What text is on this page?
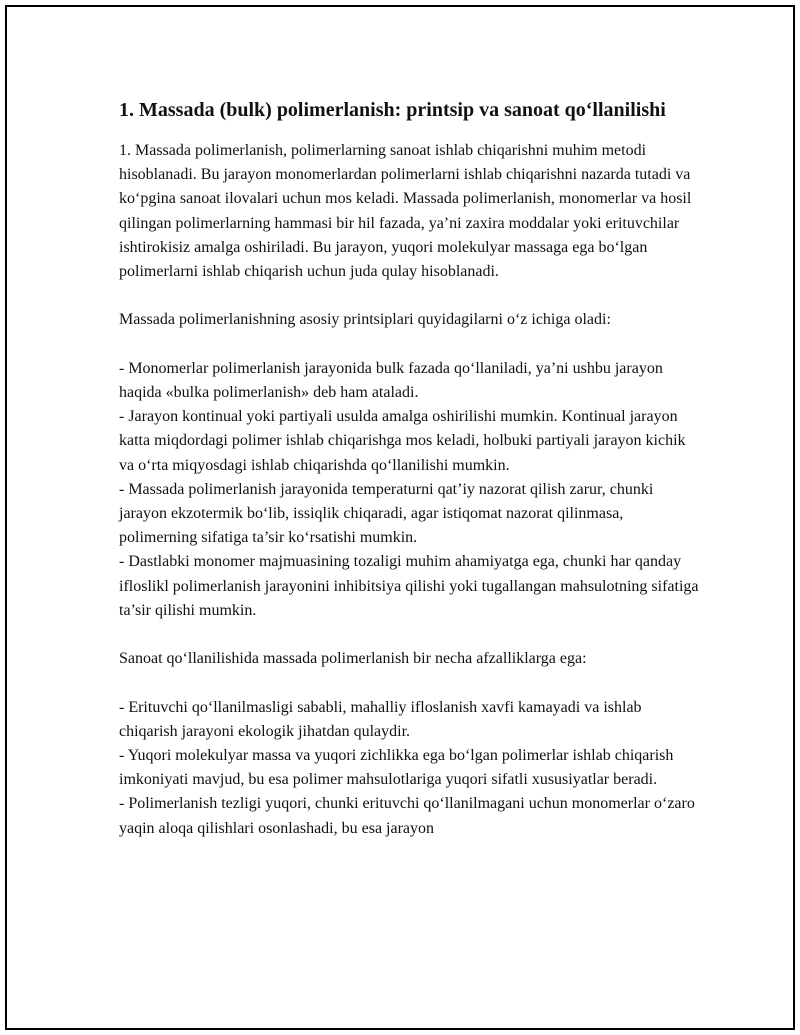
1. Massada (bulk) polimerlanish: printsip va sanoat qo‘llanilishi

1. Massada polimerlanish, polimerlarning sanoat ishlab chiqarishni muhim metodi hisoblanadi. Bu jarayon monomerlardan polimerlarni ishlab chiqarishni nazarda tutadi va ko‘pgina sanoat ilovalari uchun mos keladi. Massada polimerlanish, monomerlar va hosil qilingan polimerlarning hammasi bir hil fazada, ya’ni zaxira moddalar yoki erituvchilar ishtirokisiz amalga oshiriladi. Bu jarayon, yuqori molekulyar massaga ega bo‘lgan polimerlarni ishlab chiqarish uchun juda qulay hisoblanadi.

Massada polimerlanishning asosiy printsiplari quyidagilarni o‘z ichiga oladi:

- Monomerlar polimerlanish jarayonida bulk fazada qo‘llaniladi, ya’ni ushbu jarayon haqida «bulka polimerlanish» deb ham ataladi.

- Jarayon kontinual yoki partiyali usulda amalga oshirilishi mumkin. Kontinual jarayon katta miqdordagi polimer ishlab chiqarishga mos keladi, holbuki partiyali jarayon kichik va o‘rta miqyosdagi ishlab chiqarishda qo‘llanilishi mumkin.

- Massada polimerlanish jarayonida temperaturni qat’iy nazorat qilish zarur, chunki jarayon ekzotermik bo‘lib, issiqlik chiqaradi, agar istiqomat nazorat qilinmasa, polimerning sifatiga ta’sir ko‘rsatishi mumkin.

- Dastlabki monomer majmuasining tozaligi muhim ahamiyatga ega, chunki har qanday ifloslikl polimerlanish jarayonini inhibitsiya qilishi yoki tugallangan mahsulotning sifatiga ta’sir qilishi mumkin.

Sanoat qo‘llanilishida massada polimerlanish bir necha afzalliklarga ega:

- Erituvchi qo‘llanilmasligi sababli, mahalliy ifloslanish xavfi kamayadi va ishlab chiqarish jarayoni ekologik jihatdan qulaydir.

- Yuqori molekulyar massa va yuqori zichlikka ega bo‘lgan polimerlar ishlab chiqarish imkoniyati mavjud, bu esa polimer mahsulotlariga yuqori sifatli xususiyatlar beradi.

- Polimerlanish tezligi yuqori, chunki erituvchi qo‘llanilmagani uchun monomerlar o‘zaro yaqin aloqa qilishlari osonlashadi, bu esa jarayon
